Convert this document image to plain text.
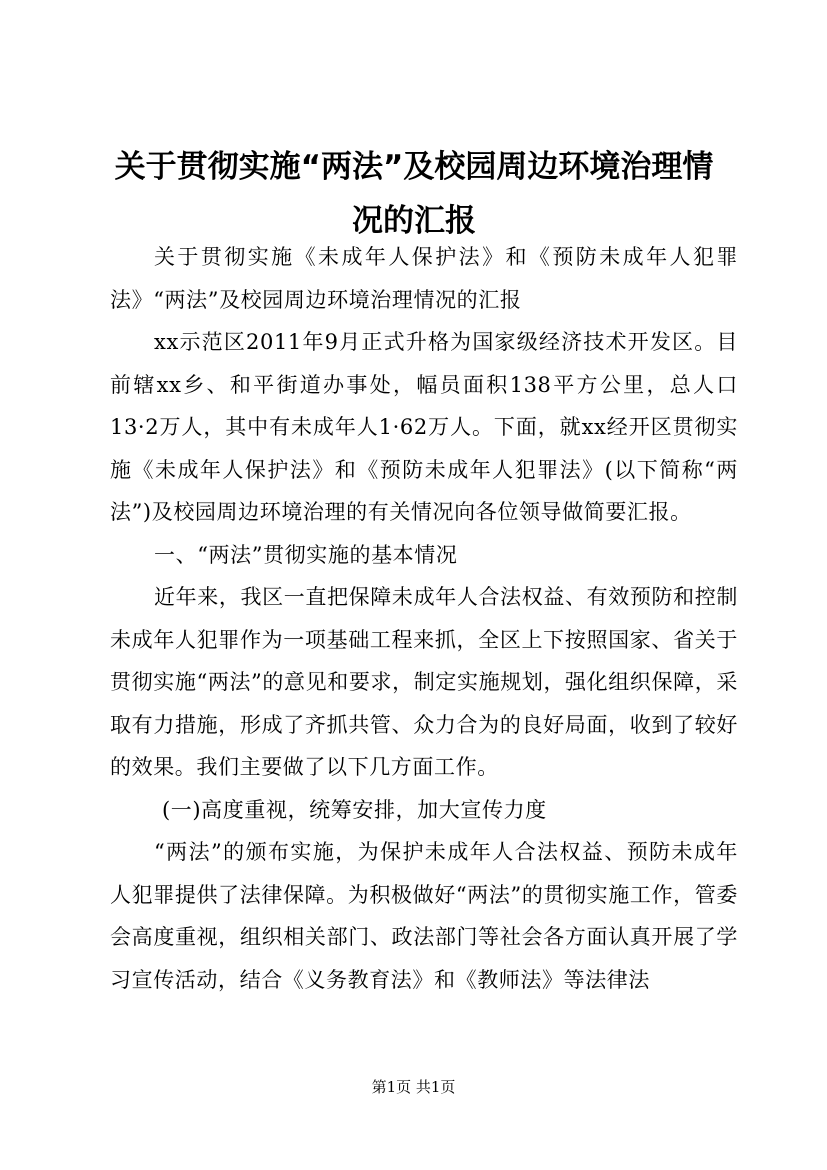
关于贯彻实施“两法”及校园周边环境治理情况的汇报

关于贯彻实施《未成年人保护法》和《预防未成年人犯罪法》“两法”及校园周边环境治理情况的汇报

xx示范区2011年9月正式升格为国家级经济技术开发区。目前辖xx乡、和平街道办事处，幅员面积138平方公里，总人口13·2万人，其中有未成年人1·62万人。下面，就xx经开区贯彻实施《未成年人保护法》和《预防未成年人犯罪法》(以下简称“两法”)及校园周边环境治理的有关情况向各位领导做简要汇报。

一、“两法”贯彻实施的基本情况

近年来，我区一直把保障未成年人合法权益、有效预防和控制未成年人犯罪作为一项基础工程来抓，全区上下按照国家、省关于贯彻实施“两法”的意见和要求，制定实施规划，强化组织保障，采取有力措施，形成了齐抓共管、众力合为的良好局面，收到了较好的效果。我们主要做了以下几方面工作。

(一)高度重视，统筹安排，加大宣传力度

“两法”的颁布实施，为保护未成年人合法权益、预防未成年人犯罪提供了法律保障。为积极做好“两法”的贯彻实施工作，管委会高度重视，组织相关部门、政法部门等社会各方面认真开展了学习宣传活动，结合《义务教育法》和《教师法》等法律法

第1页 共1页
